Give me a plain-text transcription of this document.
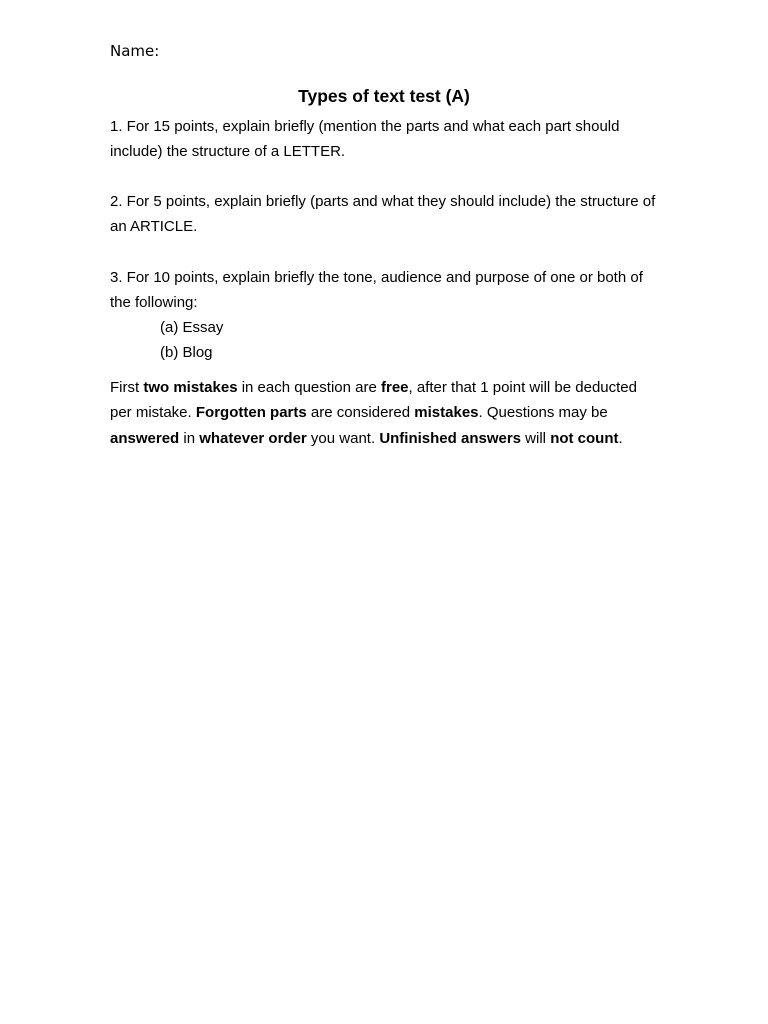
Name:
Types of text test (A)
1. For 15 points, explain briefly (mention the parts and what each part should include) the structure of a LETTER.
2. For 5 points, explain briefly (parts and what they should include) the structure of an ARTICLE.
3. For 10 points, explain briefly the tone, audience and purpose of one or both of the following:
(a) Essay
(b) Blog
First two mistakes in each question are free, after that 1 point will be deducted per mistake. Forgotten parts are considered mistakes. Questions may be answered in whatever order you want. Unfinished answers will not count.
